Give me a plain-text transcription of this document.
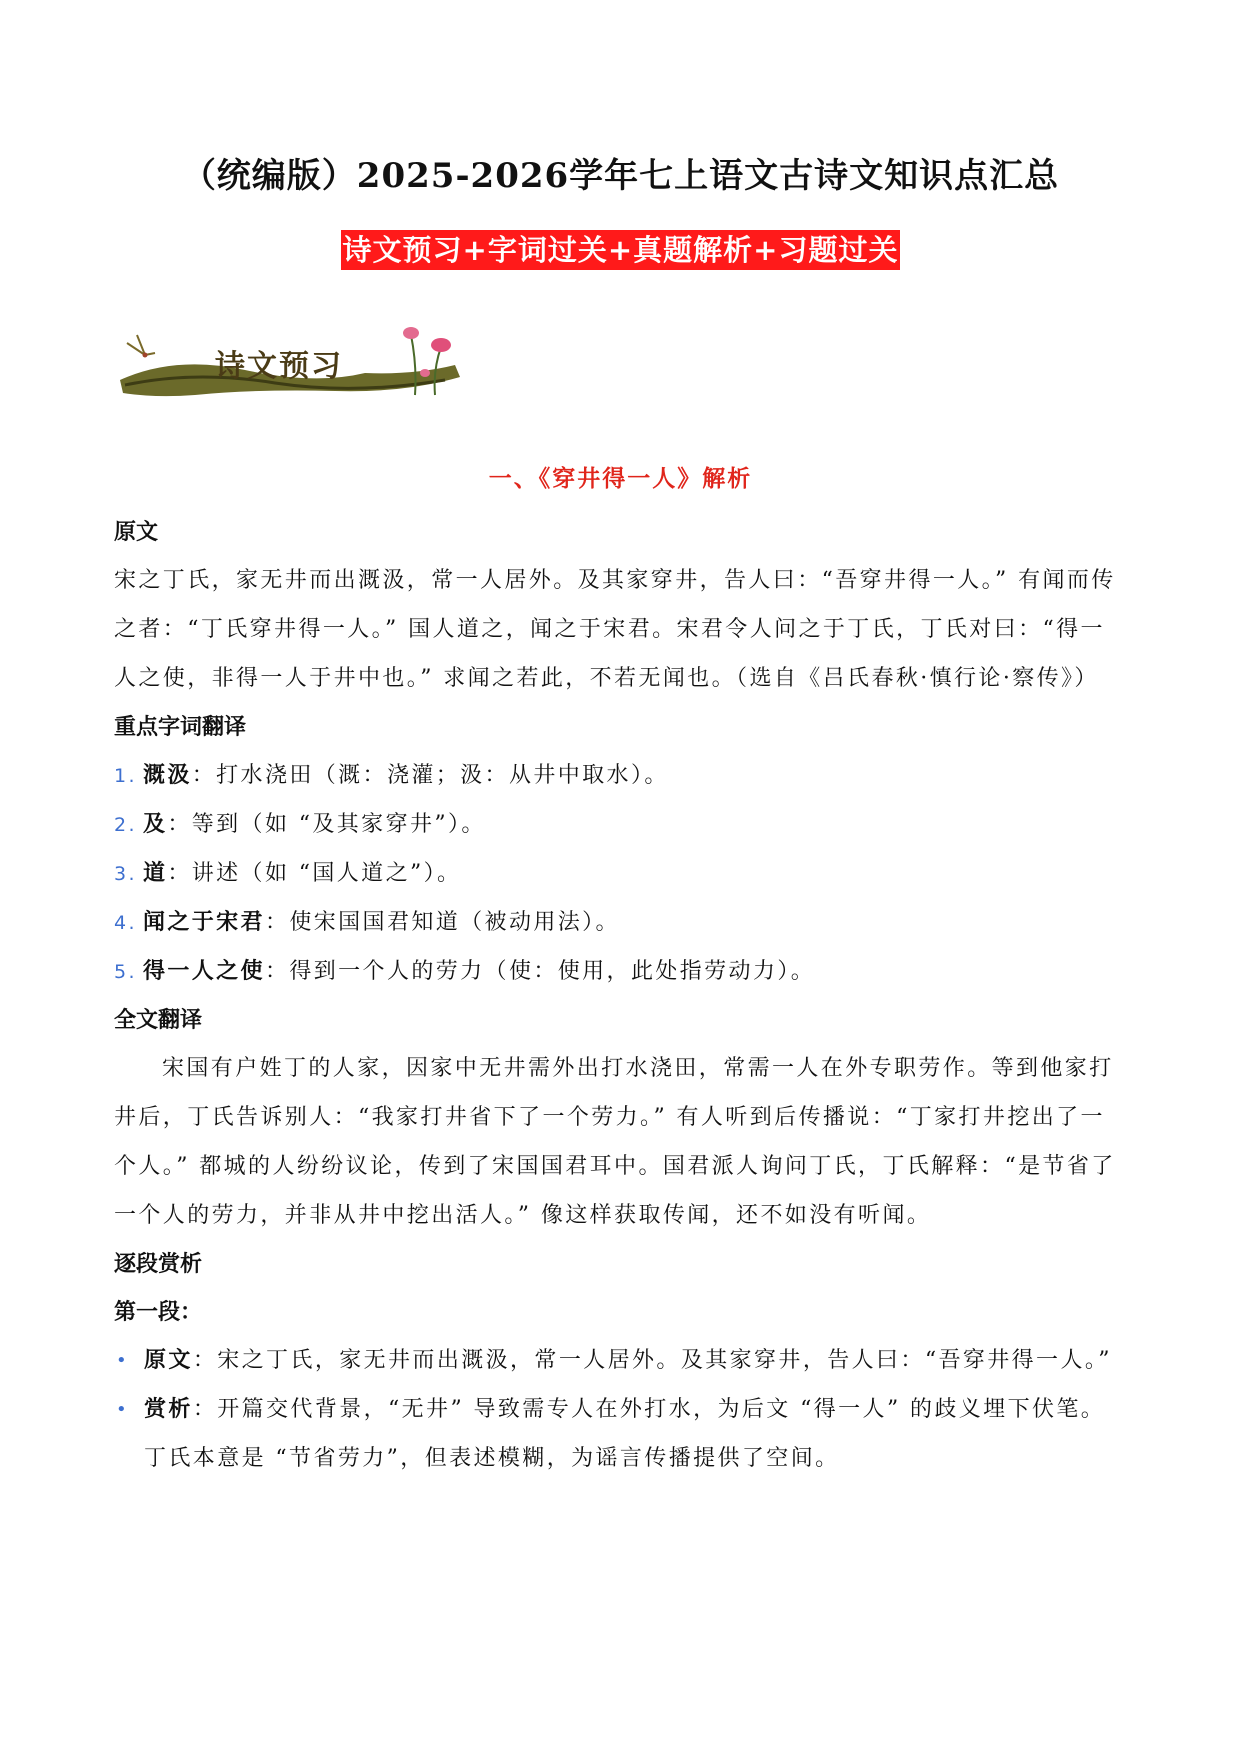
（统编版）2025-2026学年七上语文古诗文知识点汇总
诗文预习+字词过关+真题解析+习题过关
诗文预习
一、《穿井得一人》解析
原文
宋之丁氏，家无井而出溉汲，常一人居外。及其家穿井，告人曰：“吾穿井得一人。” 有闻而传之者：“丁氏穿井得一人。” 国人道之，闻之于宋君。宋君令人问之于丁氏，丁氏对曰：“得一人之使，非得一人于井中也。” 求闻之若此，不若无闻也。（选自《吕氏春秋·慎行论·察传》）
重点字词翻译
1. 溉汲：打水浇田（溉：浇灌；汲：从井中取水）。
2. 及：等到（如 “及其家穿井”）。
3. 道：讲述（如 “国人道之”）。
4. 闻之于宋君：使宋国国君知道（被动用法）。
5. 得一人之使：得到一个人的劳力（使：使用，此处指劳动力）。
全文翻译
宋国有户姓丁的人家，因家中无井需外出打水浇田，常需一人在外专职劳作。等到他家打井后，丁氏告诉别人：“我家打井省下了一个劳力。” 有人听到后传播说：“丁家打井挖出了一个人。” 都城的人纷纷议论，传到了宋国国君耳中。国君派人询问丁氏，丁氏解释：“是节省了一个人的劳力，并非从井中挖出活人。” 像这样获取传闻，还不如没有听闻。
逐段赏析
第一段：
• 原文：宋之丁氏，家无井而出溉汲，常一人居外。及其家穿井，告人曰：“吾穿井得一人。”
• 赏析：开篇交代背景，“无井” 导致需专人在外打水，为后文 “得一人” 的歧义埋下伏笔。丁氏本意是 “节省劳力”，但表述模糊，为谣言传播提供了空间。
